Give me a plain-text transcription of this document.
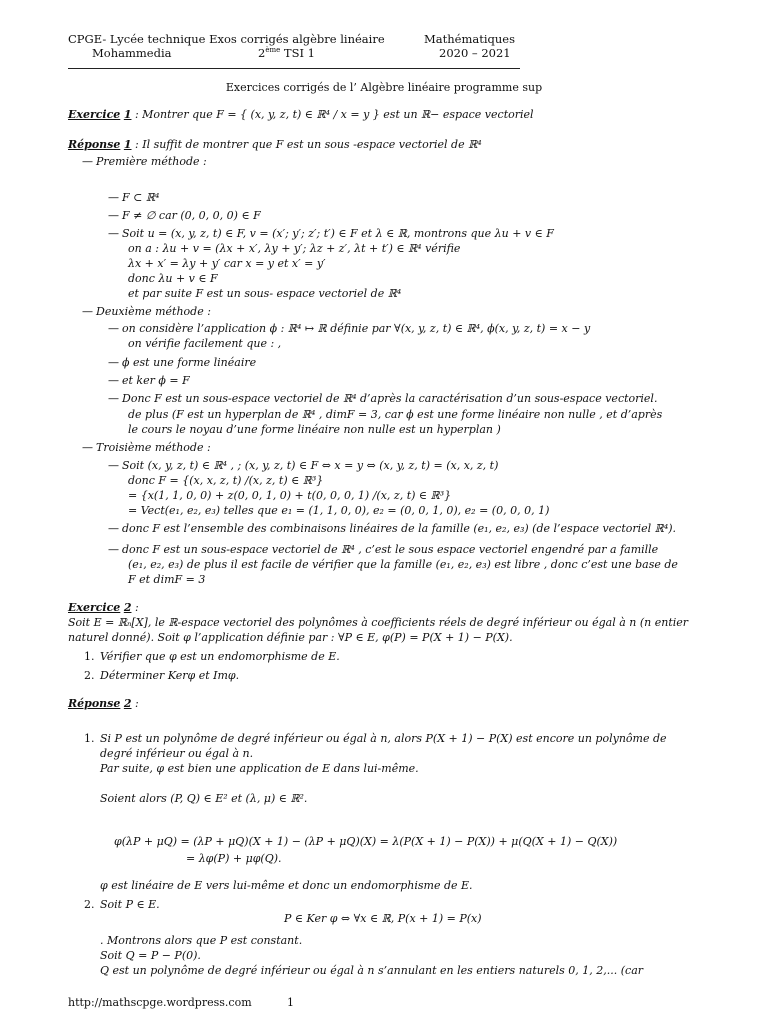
CPGE- Lycée technique Exos corrigés algèbre linéaire
Mohammedia	2ème TSI 1
Mathématiques
2020 – 2021
Exercices corrigés de l’ Algèbre linéaire programme sup
Exercice 1 : Montrer que F = { (x, y, z, t) ∈ ℝ⁴ / x = y } est un ℝ− espace vectoriel
Réponse 1 : Il suffit de montrer que F est un sous -espace vectoriel de ℝ⁴
— Première méthode :
— F ⊂ ℝ⁴
— F ≠ ∅ car (0, 0, 0, 0) ∈ F
— Soit u = (x, y, z, t) ∈ F, v = (x′; y′; z′; t′) ∈ F et λ ∈ ℝ, montrons que λu + v ∈ F
on a : λu + v = (λx + x′, λy + y′; λz + z′, λt + t′) ∈ ℝ⁴ vérifie
λx + x′ = λy + y′ car x = y et x′ = y′
donc λu + v ∈ F
et par suite F est un sous- espace vectoriel de ℝ⁴
— Deuxième méthode :
— on considère l’application ϕ : ℝ⁴ ↦ ℝ définie par ∀(x, y, z, t) ∈ ℝ⁴, ϕ(x, y, z, t) = x − y
on vérifie facilement que : ,
— ϕ est une forme linéaire
— et ker ϕ = F
— Donc F est un sous-espace vectoriel de ℝ⁴ d’après la caractérisation d’un sous-espace vectoriel.
de plus (F est un hyperplan de ℝ⁴ , dimF = 3, car ϕ est une forme linéaire non nulle , et d’après
le cours le noyau d’une forme linéaire non nulle est un hyperplan )
— Troisième méthode :
— Soit (x, y, z, t) ∈ ℝ⁴ , ; (x, y, z, t) ∈ F ⇔ x = y ⇔ (x, y, z, t) = (x, x, z, t)
donc F = {(x, x, z, t) /(x, z, t) ∈ ℝ³}
= {x(1, 1, 0, 0) + z(0, 0, 1, 0) + t(0, 0, 0, 1) /(x, z, t) ∈ ℝ³}
= Vect(e₁, e₂, e₃) telles que e₁ = (1, 1, 0, 0), e₂ = (0, 0, 1, 0), e₂ = (0, 0, 0, 1)
— donc F est l’ensemble des combinaisons linéaires de la famille (e₁, e₂, e₃) (de l’espace vectoriel ℝ⁴).
— donc F est un sous-espace vectoriel de ℝ⁴ , c’est le sous espace vectoriel engendré par a famille
(e₁, e₂, e₃) de plus il est facile de vérifier que la famille (e₁, e₂, e₃) est libre , donc c’est une base de
F et dimF = 3
Exercice 2 :
Soit E = ℝₙ[X], le ℝ-espace vectoriel des polynômes à coefficients réels de degré inférieur ou égal à n (n entier
naturel donné). Soit φ l’application définie par : ∀P ∈ E, φ(P) = P(X + 1) − P(X).
1. Vérifier que φ est un endomorphisme de E.
2. Déterminer Kerφ et Imφ.
Réponse 2 :
1. Si P est un polynôme de degré inférieur ou égal à n, alors P(X + 1) − P(X) est encore un polynôme de
degré inférieur ou égal à n.
Par suite, φ est bien une application de E dans lui-même.
Soient alors (P, Q) ∈ E² et (λ, μ) ∈ ℝ².
φ(λP + μQ) = (λP + μQ)(X + 1) − (λP + μQ)(X) = λ(P(X + 1) − P(X)) + μ(Q(X + 1) − Q(X))
= λφ(P) + μφ(Q).
φ est linéaire de E vers lui-même et donc un endomorphisme de E.
2. Soit P ∈ E.
P ∈ Ker φ ⇔ ∀x ∈ ℝ, P(x + 1) = P(x)
. Montrons alors que P est constant.
Soit Q = P − P(0).
Q est un polynôme de degré inférieur ou égal à n s’annulant en les entiers naturels 0, 1, 2,... (car
http://mathscpge.wordpress.com	1
